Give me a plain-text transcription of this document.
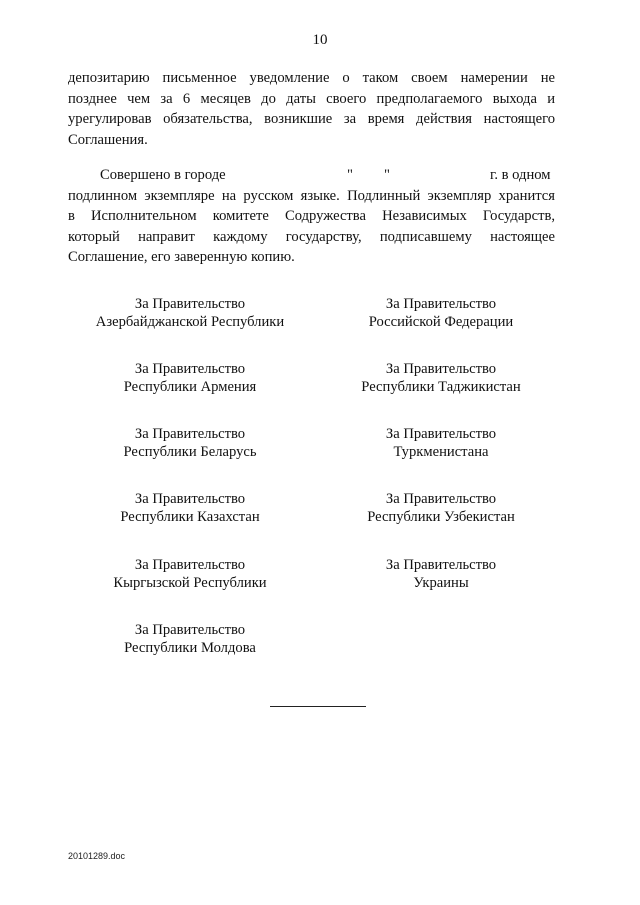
10
депозитарию письменное уведомление о таком своем намерении не
позднее чем за 6 месяцев до даты своего предполагаемого выхода и
урегулировав обязательства, возникшие за время действия настоящего
Соглашения.
Совершено в городе	" "	г. в одном
подлинном экземпляре на русском языке. Подлинный экземпляр хранится
в Исполнительном комитете Содружества Независимых Государств,
который направит каждому государству, подписавшему настоящее
Соглашение, его заверенную копию.
За Правительство
Азербайджанской Республики
За Правительство
Республики Армения
За Правительство
Республики Беларусь
За Правительство
Республики Казахстан
За Правительство
Кыргызской Республики
За Правительство
Республики Молдова
За Правительство
Российской Федерации
За Правительство
Республики Таджикистан
За Правительство
Туркменистана
За Правительство
Республики Узбекистан
За Правительство
Украины
20101289.doc
